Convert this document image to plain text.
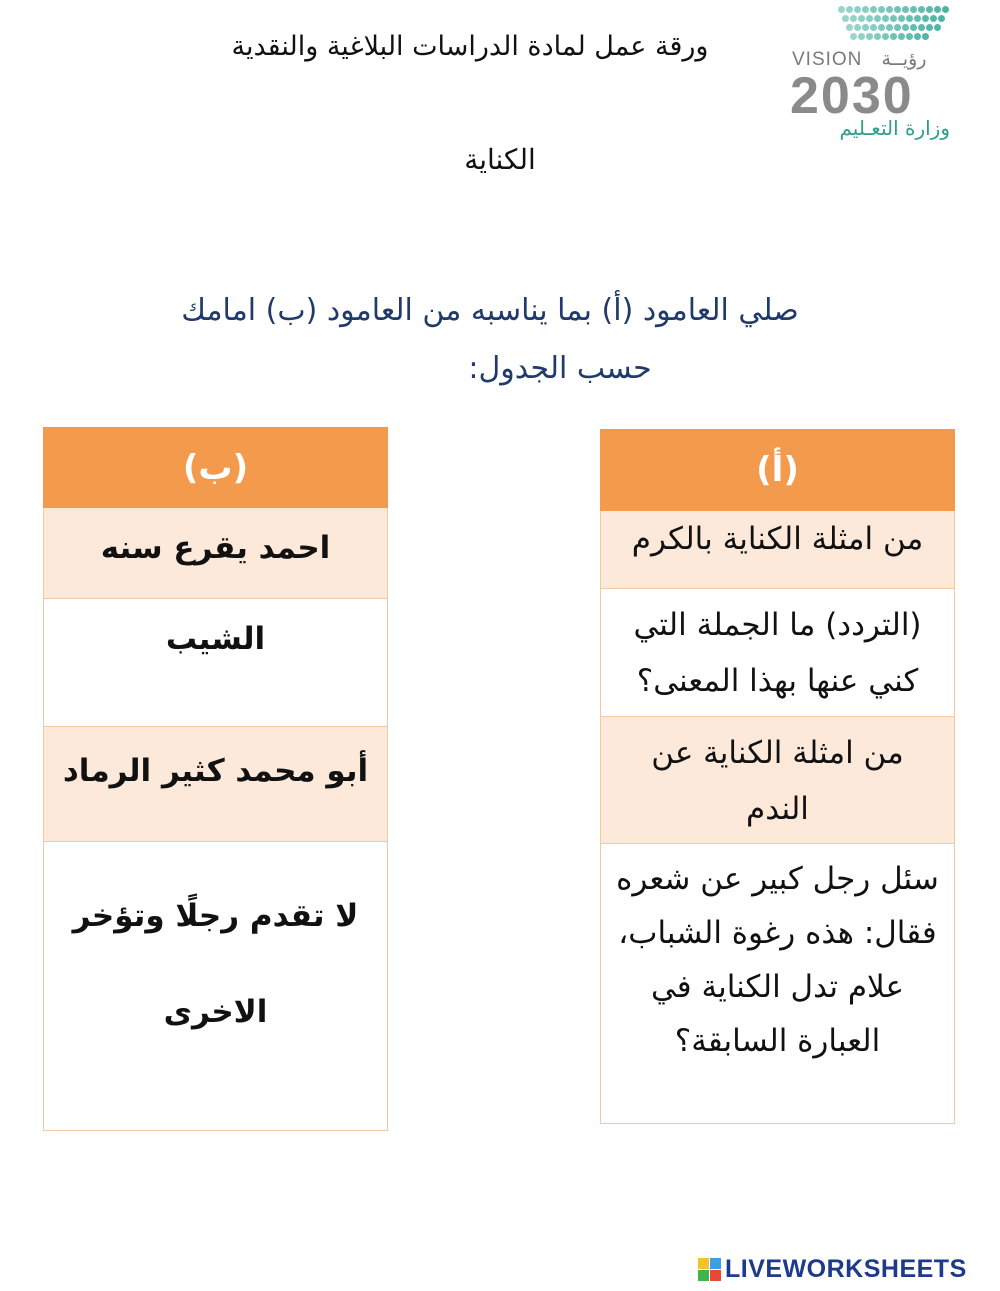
ورقة عمل لمادة الدراسات البلاغية والنقدية
الكناية
VISION رؤيــة
2030
وزارة التعـليم
صلي العامود (أ) بما يناسبه من العامود (ب) امامك
حسب الجدول:
(ب)
احمد يقرع سنه
الشيب
أبو محمد كثير الرماد
لا تقدم رجلًا وتؤخر الاخرى
(أ)
من امثلة الكناية بالكرم
(التردد) ما الجملة التي كني عنها بهذا المعنى؟
من امثلة الكناية عن الندم
سئل رجل كبير عن شعره فقال: هذه رغوة الشباب، علام تدل الكناية في العبارة السابقة؟
LIVEWORKSHEETS
